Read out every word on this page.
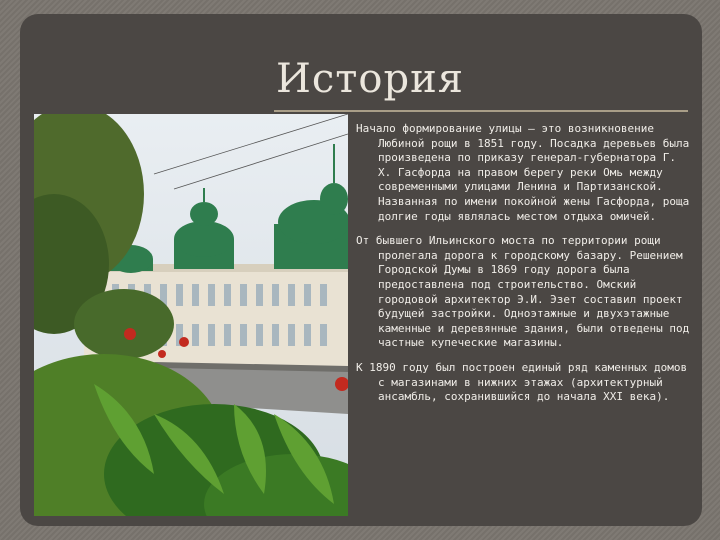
История

Начало формирование улицы – это возникновение Любиной рощи в 1851 году. Посадка деревьев была произведена по приказу генерал-губернатора Г. Х. Гасфорда на правом берегу реки Омь между современными улицами Ленина и Партизанской. Названная по имени покойной жены Гасфорда, роща долгие годы являлась местом отдыха омичей.

От бывшего Ильинского моста по территории рощи пролегала дорога к городскому базару. Решением Городской Думы в 1869 году дорога была предоставлена под строительство. Омский городовой архитектор Э.И. Эзет составил проект будущей застройки. Одноэтажные и двухэтажные каменные и деревянные здания, были отведены под частные купеческие магазины.

К 1890 году был построен единый ряд каменных домов с магазинами в нижних этажах (архитектурный ансамбль, сохранившийся до начала XXI века).
